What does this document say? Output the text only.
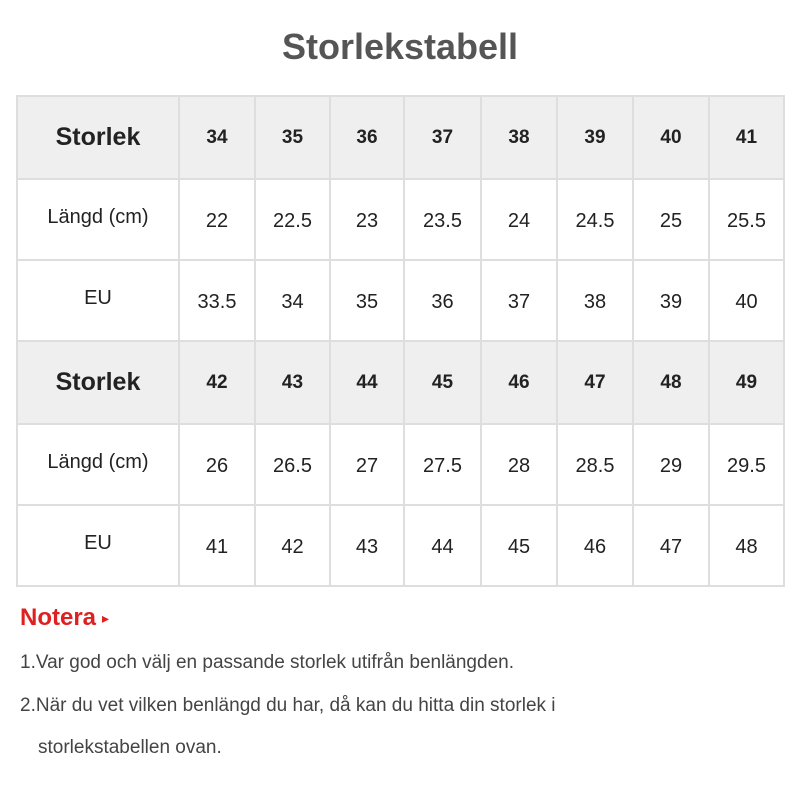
Storlekstabell
Storlek	34	35	36	37	38	39	40	41
Längd (cm)	22	22.5	23	23.5	24	24.5	25	25.5
EU	33.5	34	35	36	37	38	39	40
Storlek	42	43	44	45	46	47	48	49
Längd (cm)	26	26.5	27	27.5	28	28.5	29	29.5
EU	41	42	43	44	45	46	47	48
Notera ▸
1.Var god och välj en passande storlek utifrån benlängden.
2.När du vet vilken benlängd du har, då kan du hitta din storlek i
storlekstabellen ovan.
